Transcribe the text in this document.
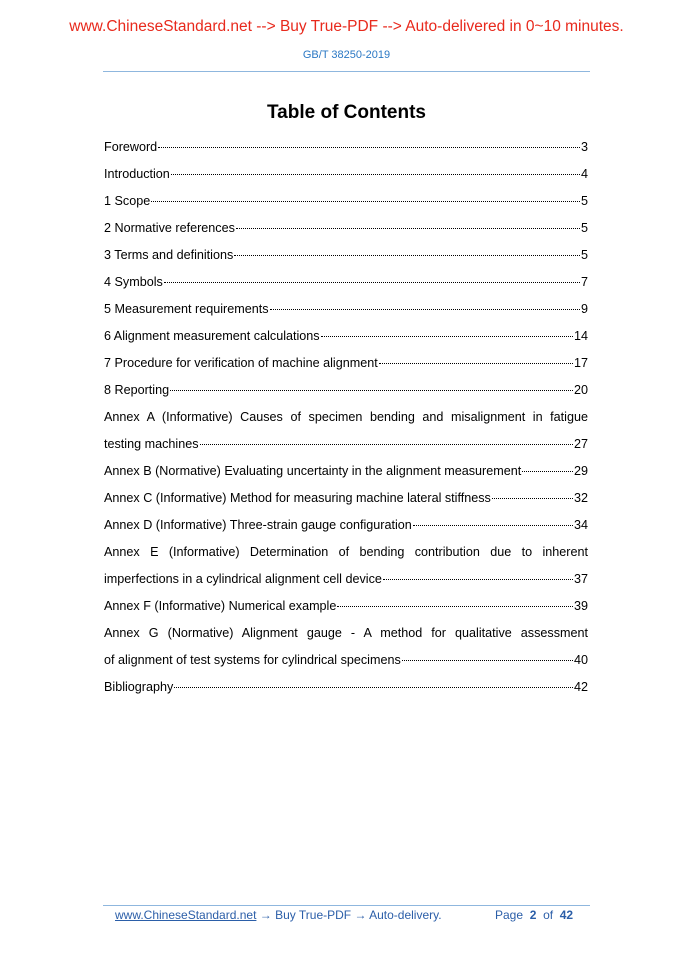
www.ChineseStandard.net --> Buy True-PDF --> Auto-delivered in 0~10 minutes.
GB/T 38250-2019
Table of Contents
Foreword	3
Introduction	4
1 Scope	5
2 Normative references	5
3 Terms and definitions	5
4 Symbols	7
5 Measurement requirements	9
6 Alignment measurement calculations	14
7 Procedure for verification of machine alignment	17
8 Reporting	20
Annex A (Informative) Causes of specimen bending and misalignment in fatigue
testing machines	27
Annex B (Normative) Evaluating uncertainty in the alignment measurement	29
Annex C (Informative) Method for measuring machine lateral stiffness	32
Annex D (Informative) Three-strain gauge configuration	34
Annex E (Informative) Determination of bending contribution due to inherent
imperfections in a cylindrical alignment cell device	37
Annex F (Informative) Numerical example	39
Annex G (Normative) Alignment gauge - A method for qualitative assessment
of alignment of test systems for cylindrical specimens	40
Bibliography	42
www.ChineseStandard.net → Buy True-PDF → Auto-delivery.	Page 2 of 42
